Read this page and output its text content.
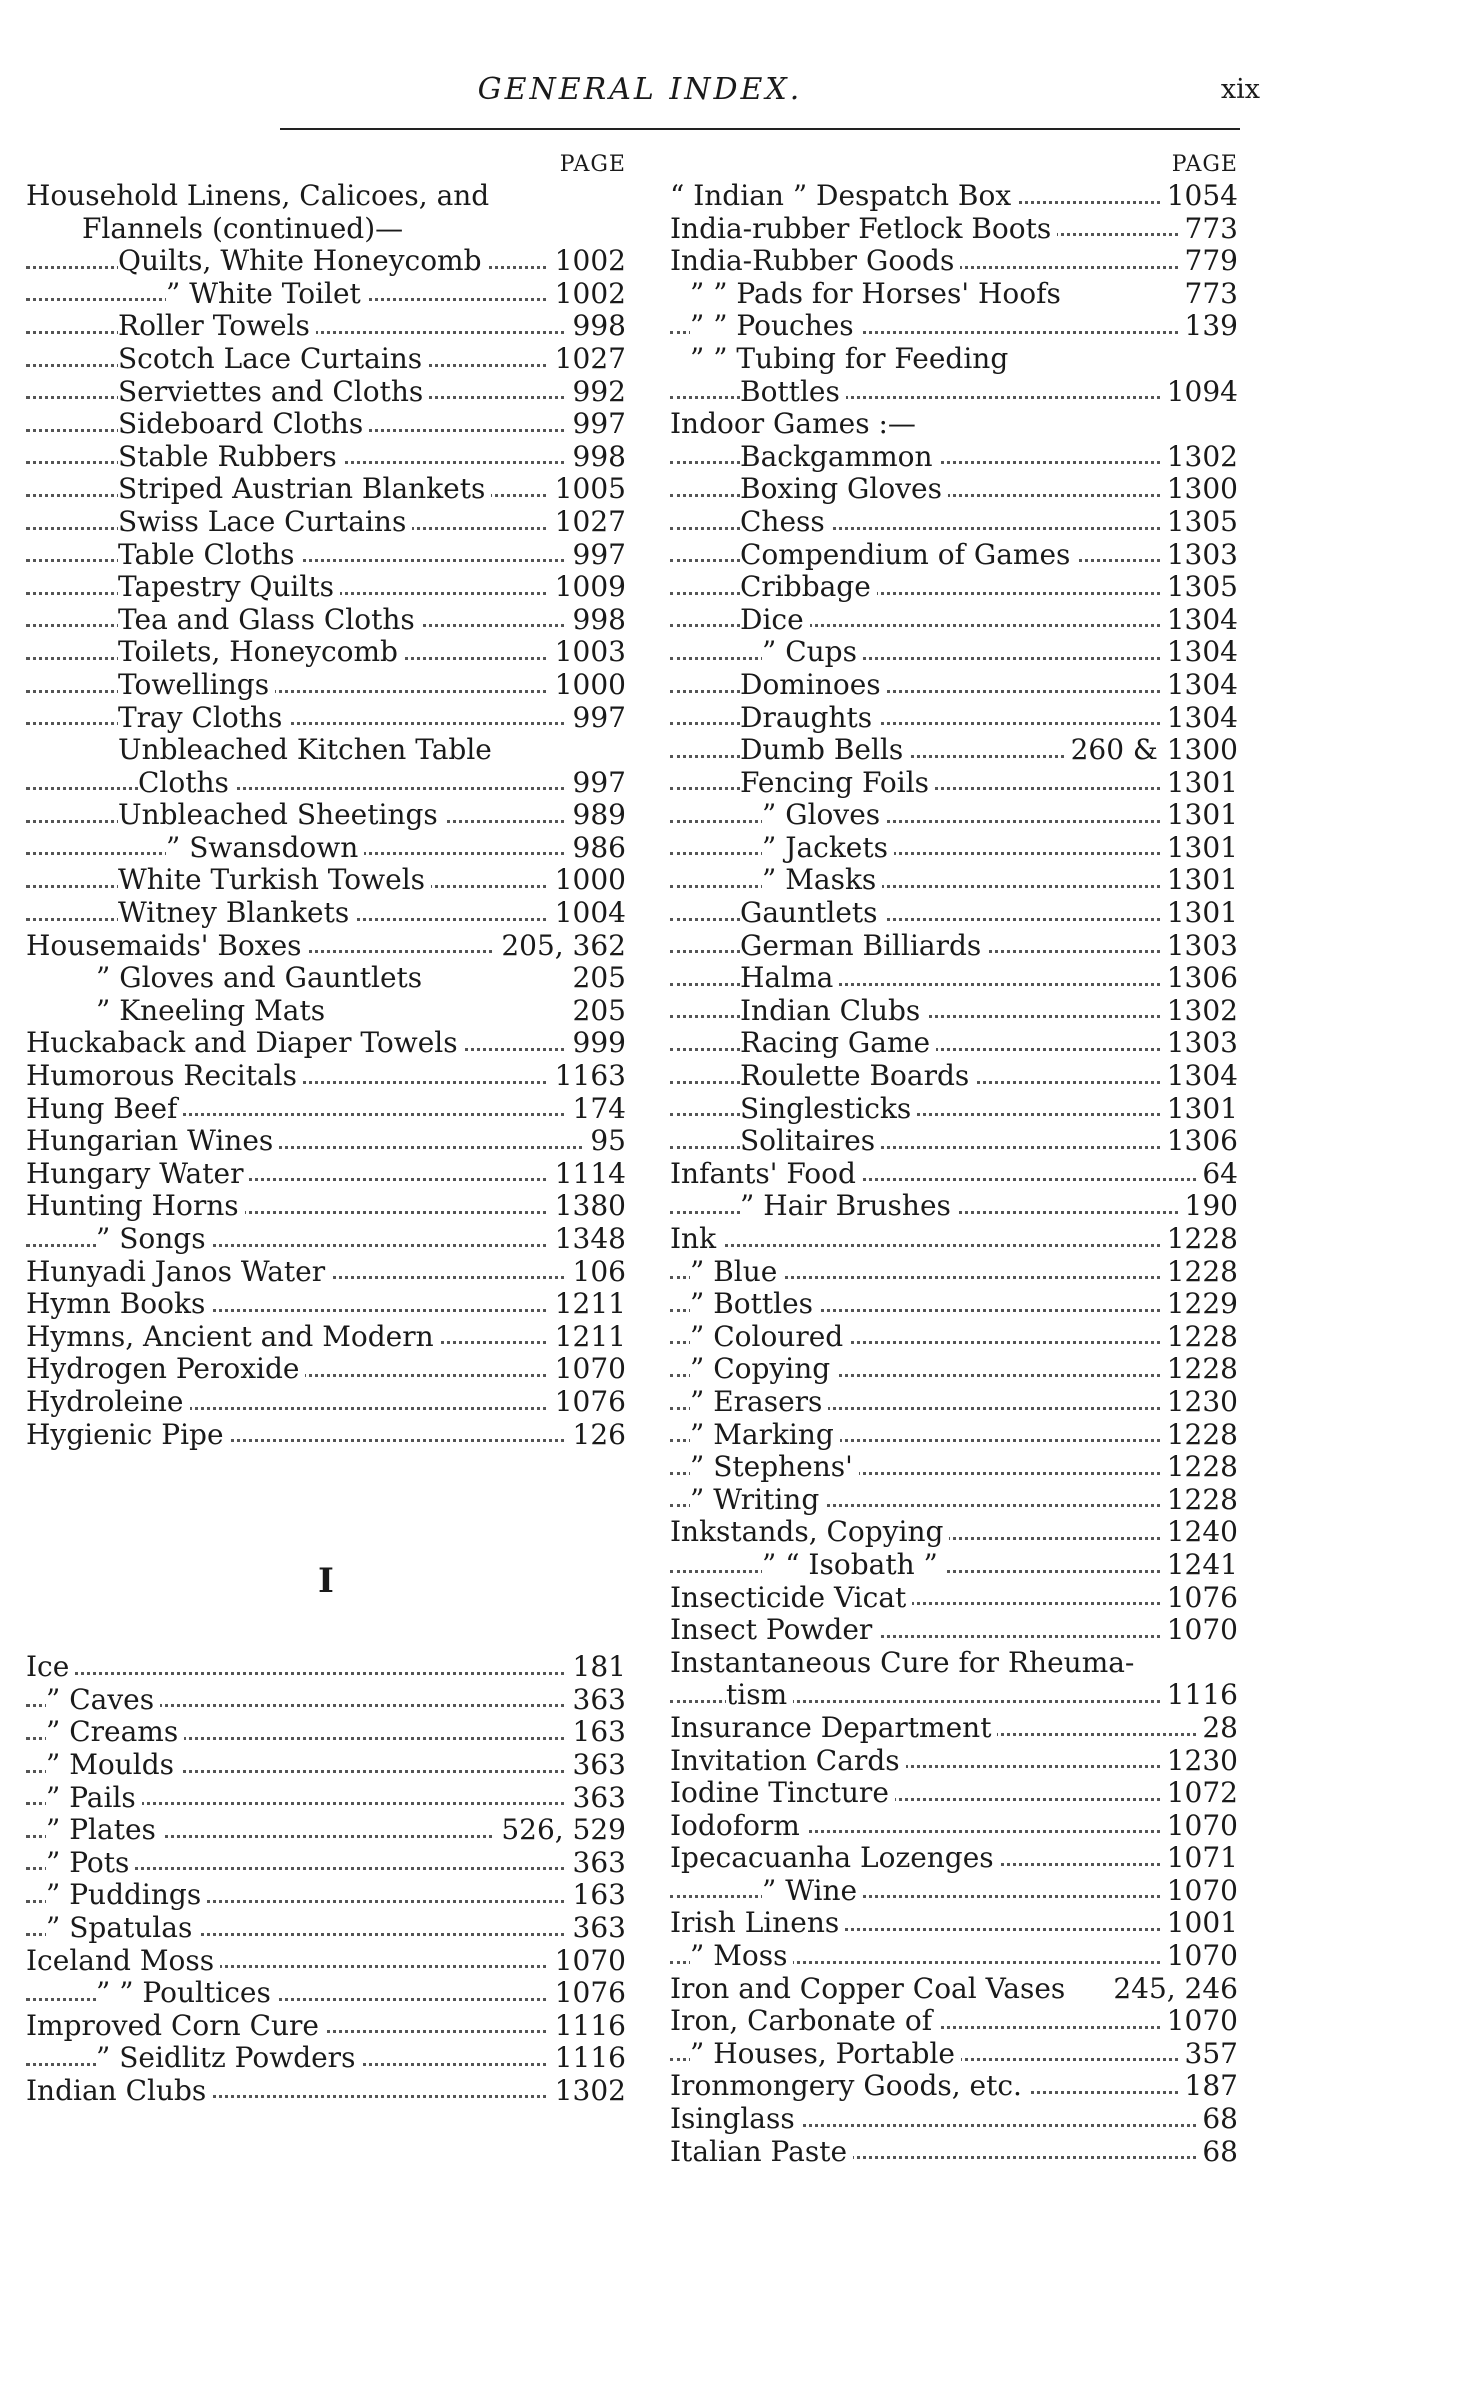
GENERAL INDEX.	xix
PAGE
Household Linens, Calicoes, and
Flannels (continued)—
Quilts, White Honeycomb	1002
” White Toilet	1002
Roller Towels	998
Scotch Lace Curtains	1027
Serviettes and Cloths	992
Sideboard Cloths	997
Stable Rubbers	998
Striped Austrian Blankets 1005
Swiss Lace Curtains	1027
Table Cloths	997
Tapestry Quilts	1009
Tea and Glass Cloths	998
Toilets, Honeycomb	1003
Towellings	1000
Tray Cloths	997
Unbleached Kitchen Table
Cloths	997
Unbleached Sheetings	989
” Swansdown	986
White Turkish Towels	1000
Witney Blankets	1004
Housemaids' Boxes	205, 362
” Gloves and Gauntlets	205
” Kneeling Mats	205
Huckaback and Diaper Towels	999
Humorous Recitals	1163
Hung Beef	174
Hungarian Wines	95
Hungary Water	1114
Hunting Horns	1380
” Songs	1348
Hunyadi Janos Water	106
Hymn Books	1211
Hymns, Ancient and Modern	1211
Hydrogen Peroxide	1070
Hydroleine	1076
Hygienic Pipe	126
I
Ice	181
” Caves	363
” Creams	163
” Moulds	363
” Pails	363
” Plates	526, 529
” Pots	363
” Puddings	163
” Spatulas	363
Iceland Moss	1070
” ” Poultices	1076
Improved Corn Cure	1116
” Seidlitz Powders	1116
Indian Clubs	1302
PAGE
“ Indian ” Despatch Box	1054
India-rubber Fetlock Boots	773
India-Rubber Goods	779
” ” Pads for Horses' Hoofs	773
” ” Pouches	139
” ” Tubing for Feeding
Bottles	1094
Indoor Games :—
Backgammon	1302
Boxing Gloves	1300
Chess	1305
Compendium of Games	1303
Cribbage	1305
Dice	1304
” Cups	1304
Dominoes	1304
Draughts	1304
Dumb Bells	260 & 1300
Fencing Foils	1301
” Gloves	1301
” Jackets	1301
” Masks	1301
Gauntlets	1301
German Billiards	1303
Halma	1306
Indian Clubs	1302
Racing Game	1303
Roulette Boards	1304
Singlesticks	1301
Solitaires	1306
Infants' Food	64
” Hair Brushes	190
Ink	1228
” Blue	1228
” Bottles	1229
” Coloured	1228
” Copying	1228
” Erasers	1230
” Marking	1228
” Stephens'	1228
” Writing	1228
Inkstands, Copying	1240
” “ Isobath ”	1241
Insecticide Vicat	1076
Insect Powder	1070
Instantaneous Cure for Rheuma-
tism	1116
Insurance Department	28
Invitation Cards	1230
Iodine Tincture	1072
Iodoform	1070
Ipecacuanha Lozenges	1071
” Wine	1070
Irish Linens	1001
” Moss	1070
Iron and Copper Coal Vases 245, 246
Iron, Carbonate of	1070
” Houses, Portable	357
Ironmongery Goods, etc.	187
Isinglass	68
Italian Paste	68
